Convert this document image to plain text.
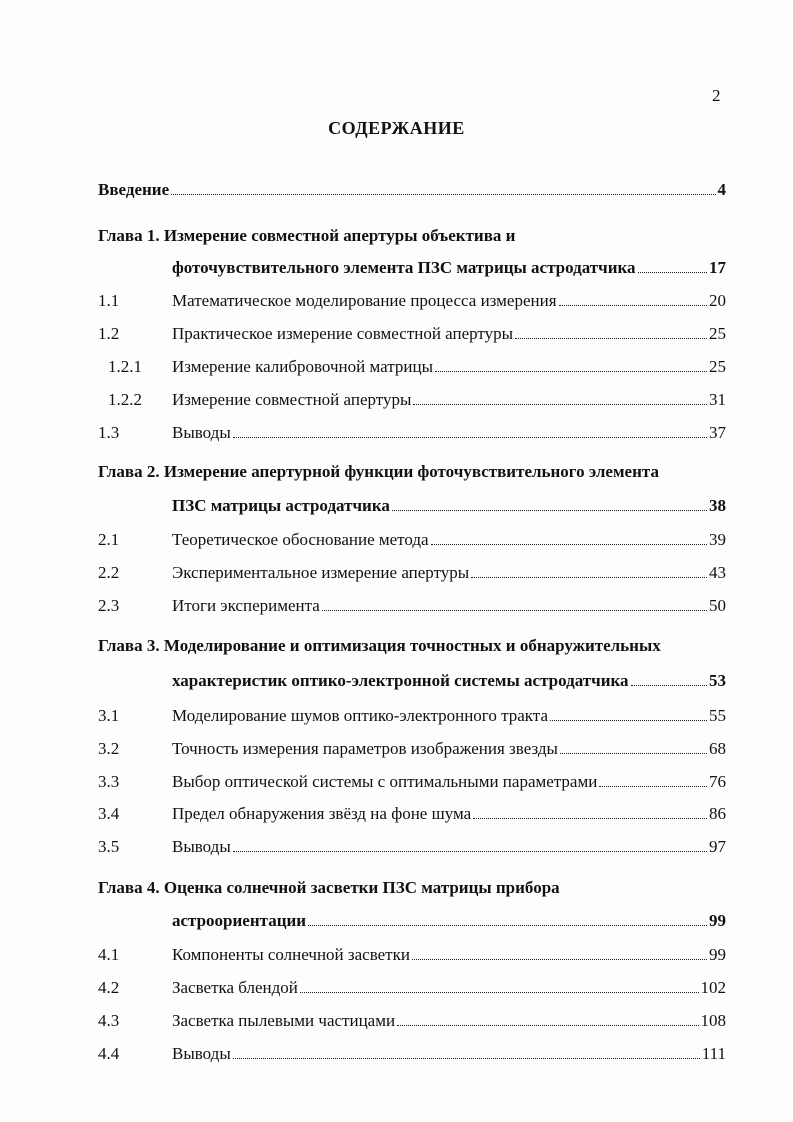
2
СОДЕРЖАНИЕ
Введение	4
Глава 1. Измерение совместной апертуры объектива и
фоточувствительного элемента ПЗС матрицы астродатчика	17
1.1	Математическое моделирование процесса измерения	20
1.2	Практическое измерение совместной апертуры	25
1.2.1	Измерение калибровочной матрицы	25
1.2.2	Измерение совместной апертуры	31
1.3	Выводы	37
Глава 2. Измерение апертурной функции фоточувствительного элемента
ПЗС матрицы астродатчика	38
2.1	Теоретическое обоснование метода	39
2.2	Экспериментальное измерение апертуры	43
2.3	Итоги эксперимента	50
Глава 3. Моделирование и оптимизация точностных и обнаружительных
характеристик оптико-электронной системы астродатчика	53
3.1	Моделирование шумов оптико-электронного тракта	55
3.2	Точность измерения параметров изображения звезды	68
3.3	Выбор оптической системы с оптимальными параметрами	76
3.4	Предел обнаружения звёзд на фоне шума	86
3.5	Выводы	97
Глава 4. Оценка солнечной засветки ПЗС матрицы прибора
астроориентации	99
4.1	Компоненты солнечной засветки	99
4.2	Засветка блендой	102
4.3	Засветка пылевыми частицами	108
4.4	Выводы	111
